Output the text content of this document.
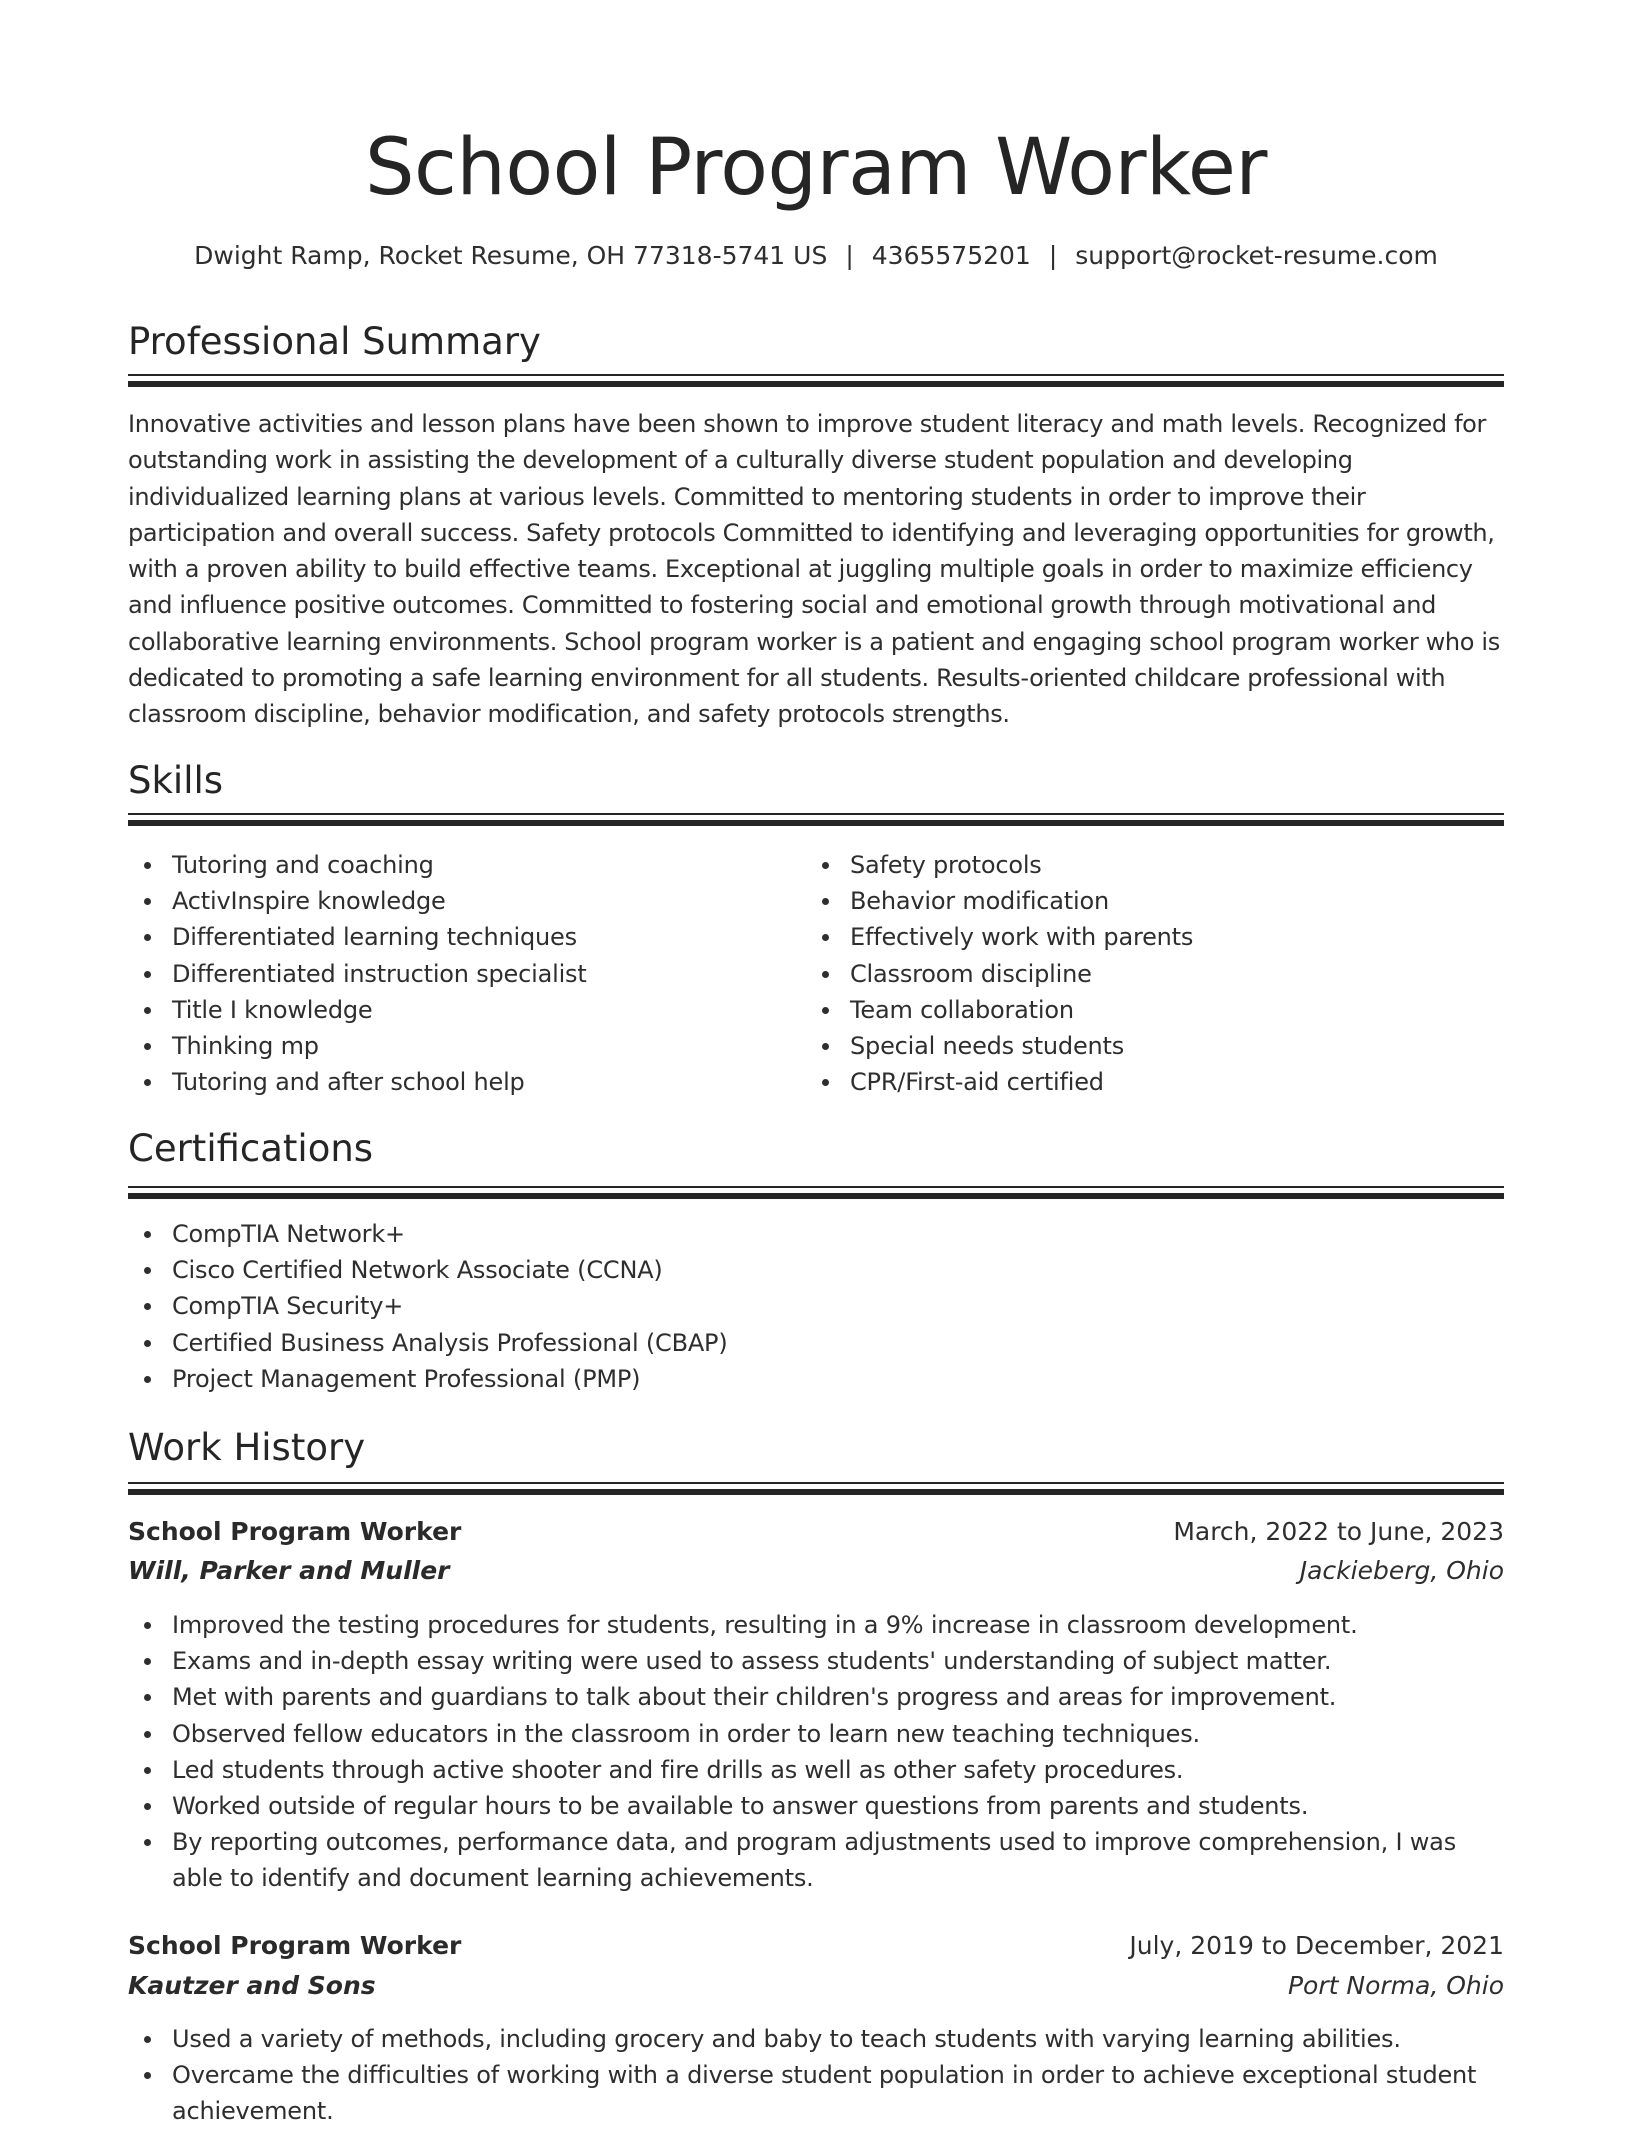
School Program Worker
Dwight Ramp, Rocket Resume, OH 77318-5741 US | 4365575201 | support@rocket-resume.com
Professional Summary

Innovative activities and lesson plans have been shown to improve student literacy and math levels. Recognized for outstanding work in assisting the development of a culturally diverse student population and developing individualized learning plans at various levels. Committed to mentoring students in order to improve their participation and overall success. Safety protocols Committed to identifying and leveraging opportunities for growth, with a proven ability to build effective teams. Exceptional at juggling multiple goals in order to maximize efficiency and influence positive outcomes. Committed to fostering social and emotional growth through motivational and collaborative learning environments. School program worker is a patient and engaging school program worker who is dedicated to promoting a safe learning environment for all students. Results-oriented childcare professional with classroom discipline, behavior modification, and safety protocols strengths.

Skills
Tutoring and coaching
ActivInspire knowledge
Differentiated learning techniques
Differentiated instruction specialist
Title I knowledge
Thinking mp
Tutoring and after school help
Safety protocols
Behavior modification
Effectively work with parents
Classroom discipline
Team collaboration
Special needs students
CPR/First-aid certified
Certifications
CompTIA Network+
Cisco Certified Network Associate (CCNA)
CompTIA Security+
Certified Business Analysis Professional (CBAP)
Project Management Professional (PMP)
Work History
School Program Worker	March, 2022 to June, 2023
Will, Parker and Muller	Jackieberg, Ohio
Improved the testing procedures for students, resulting in a 9% increase in classroom development.
Exams and in-depth essay writing were used to assess students' understanding of subject matter.
Met with parents and guardians to talk about their children's progress and areas for improvement.
Observed fellow educators in the classroom in order to learn new teaching techniques.
Led students through active shooter and fire drills as well as other safety procedures.
Worked outside of regular hours to be available to answer questions from parents and students.
By reporting outcomes, performance data, and program adjustments used to improve comprehension, I was able to identify and document learning achievements.
School Program Worker	July, 2019 to December, 2021
Kautzer and Sons	Port Norma, Ohio
Used a variety of methods, including grocery and baby to teach students with varying learning abilities.
Overcame the difficulties of working with a diverse student population in order to achieve exceptional student achievement.
